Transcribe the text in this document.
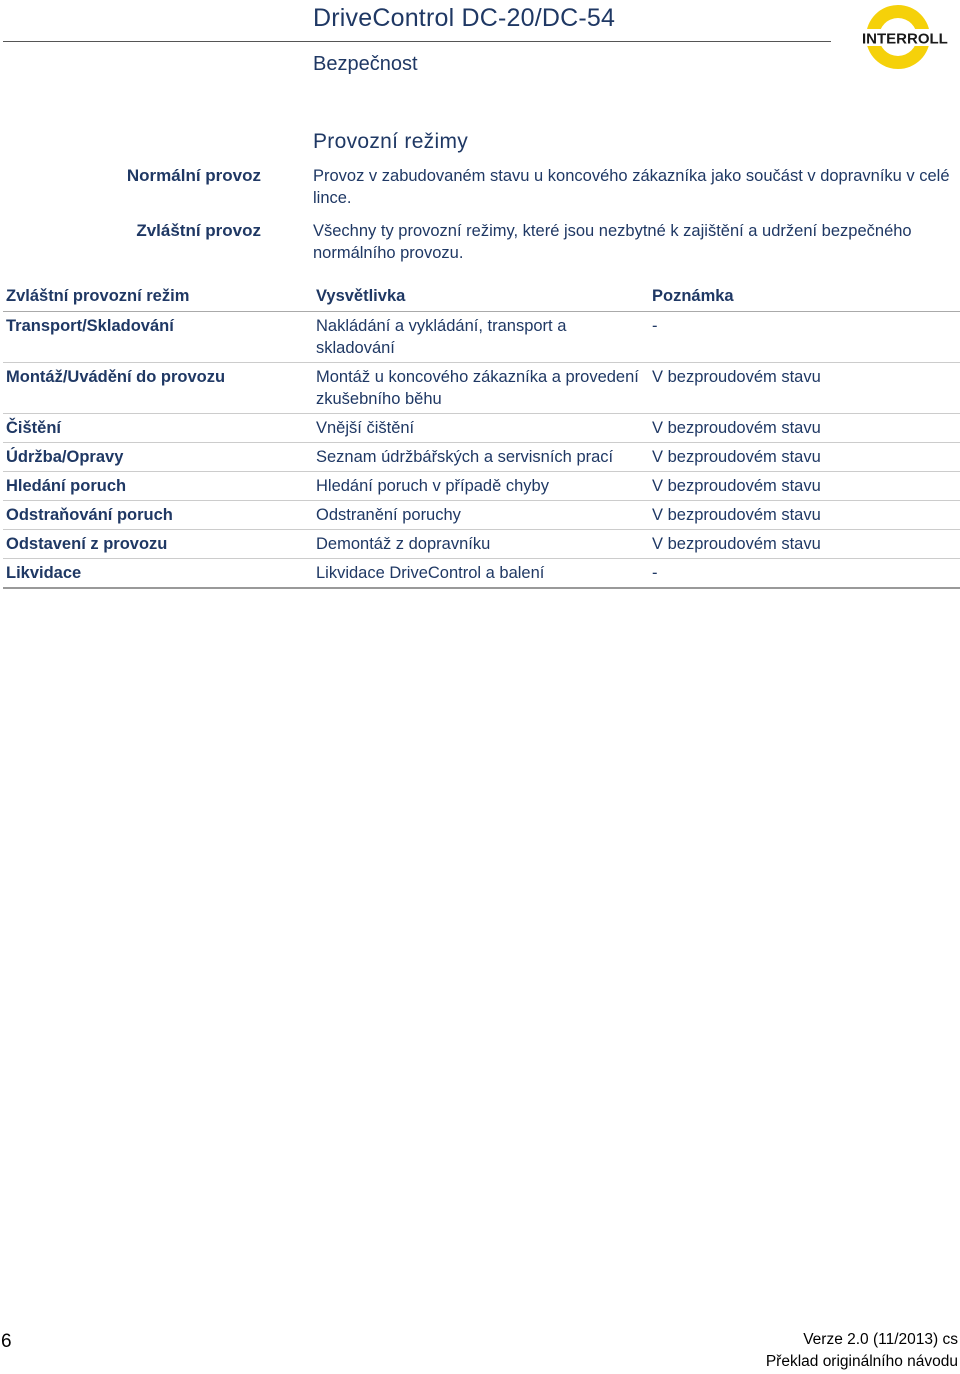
DriveControl DC-20/DC-54
Bezpečnost
INTERROLL
Provozní režimy
Normální provoz	Provoz v zabudovaném stavu u koncového zákazníka jako součást v dopravníku v celé lince.
Zvláštní provoz	Všechny ty provozní režimy, které jsou nezbytné k zajištění a udržení bezpečného normálního provozu.
Zvláštní provozní režim	Vysvětlivka	Poznámka
Transport/Skladování	Nakládání a vykládání, transport a skladování	-
Montáž/Uvádění do provozu	Montáž u koncového zákazníka a provedení zkušebního běhu	V bezproudovém stavu
Čištění	Vnější čištění	V bezproudovém stavu
Údržba/Opravy	Seznam údržbářských a servisních prací	V bezproudovém stavu
Hledání poruch	Hledání poruch v případě chyby	V bezproudovém stavu
Odstraňování poruch	Odstranění poruchy	V bezproudovém stavu
Odstavení z provozu	Demontáž z dopravníku	V bezproudovém stavu
Likvidace	Likvidace DriveControl a balení	-
6	Verze 2.0 (11/2013) cs
Překlad originálního návodu
